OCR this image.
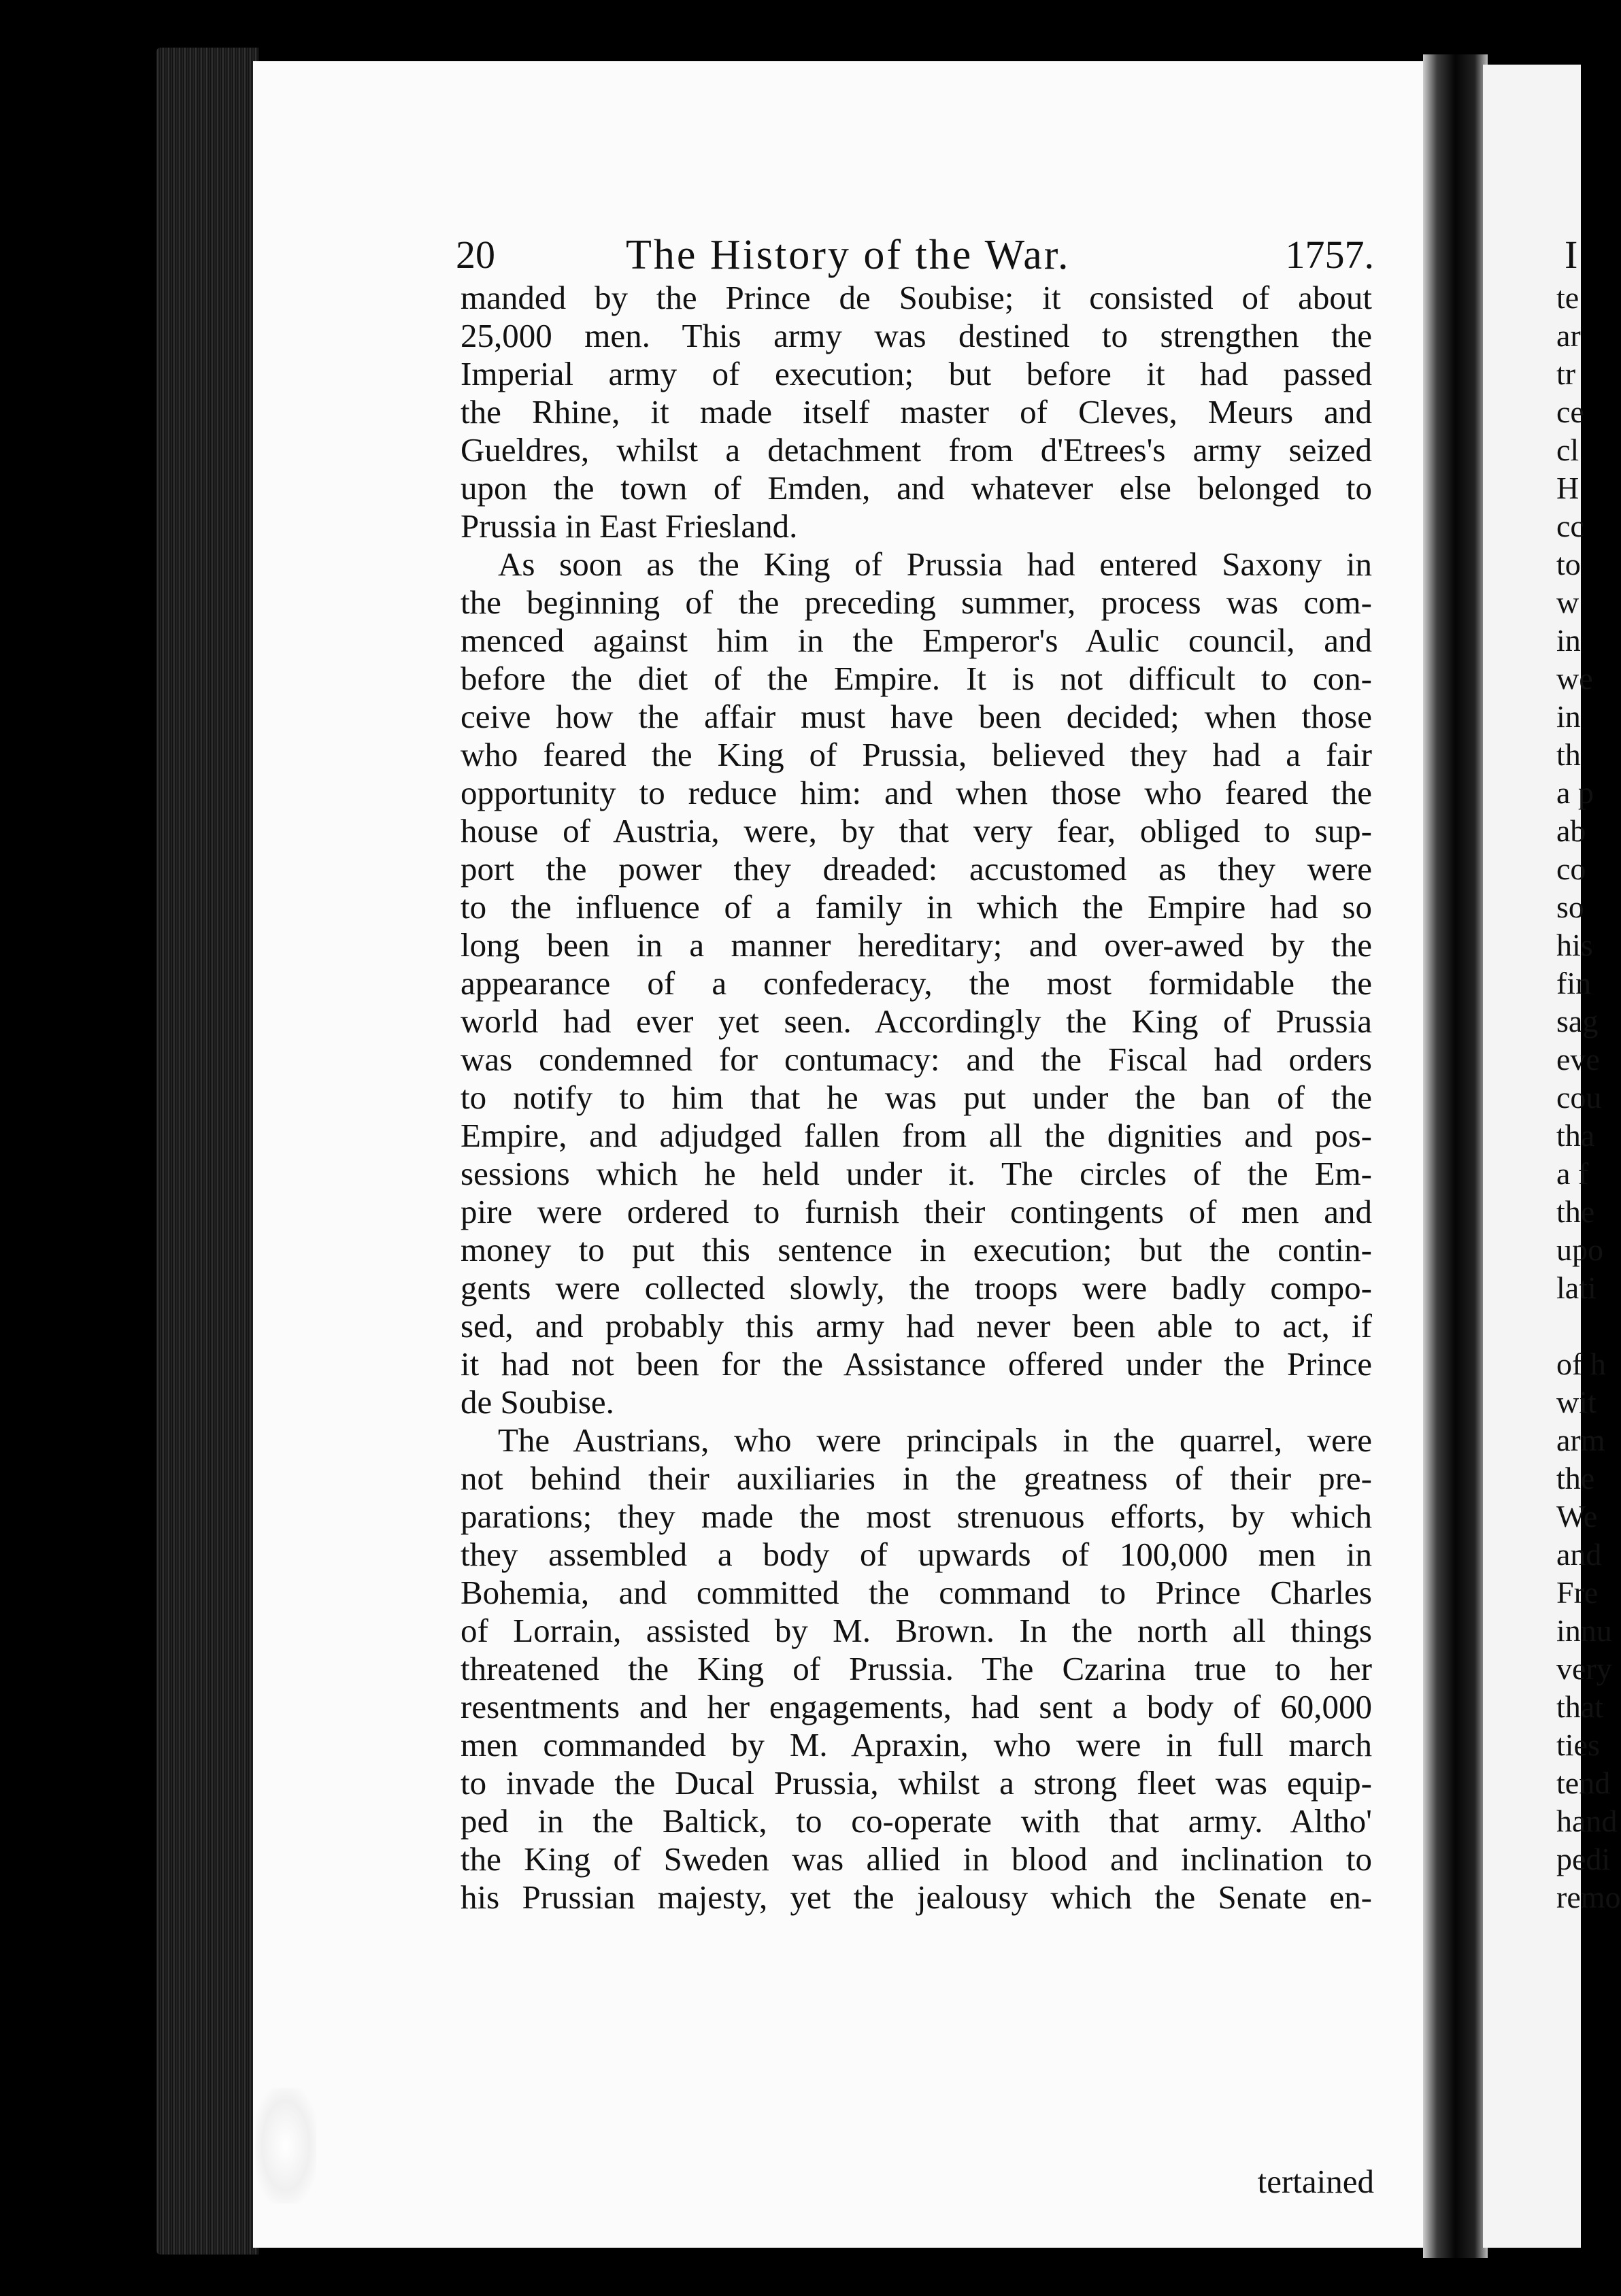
20	The History of the War.	1757.
manded by the Prince de Soubise; it consisted of about
25,000 men. This army was destined to strengthen the
Imperial army of execution; but before it had passed
the Rhine, it made itself master of Cleves, Meurs and
Gueldres, whilst a detachment from d'Etrees's army seized
upon the town of Emden, and whatever else belonged to
Prussia in East Friesland.
As soon as the King of Prussia had entered Saxony in
the beginning of the preceding summer, process was com-
menced against him in the Emperor's Aulic council, and
before the diet of the Empire. It is not difficult to con-
ceive how the affair must have been decided; when those
who feared the King of Prussia, believed they had a fair
opportunity to reduce him: and when those who feared the
house of Austria, were, by that very fear, obliged to sup-
port the power they dreaded: accustomed as they were
to the influence of a family in which the Empire had so
long been in a manner hereditary; and over-awed by the
appearance of a confederacy, the most formidable the
world had ever yet seen. Accordingly the King of Prussia
was condemned for contumacy: and the Fiscal had orders
to notify to him that he was put under the ban of the
Empire, and adjudged fallen from all the dignities and pos-
sessions which he held under it. The circles of the Em-
pire were ordered to furnish their contingents of men and
money to put this sentence in execution; but the contin-
gents were collected slowly, the troops were badly compo-
sed, and probably this army had never been able to act, if
it had not been for the Assistance offered under the Prince
de Soubise.
The Austrians, who were principals in the quarrel, were
not behind their auxiliaries in the greatness of their pre-
parations; they made the most strenuous efforts, by which
they assembled a body of upwards of 100,000 men in
Bohemia, and committed the command to Prince Charles
of Lorrain, assisted by M. Brown. In the north all things
threatened the King of Prussia. The Czarina true to her
resentments and her engagements, had sent a body of 60,000
men commanded by M. Apraxin, who were in full march
to invade the Ducal Prussia, whilst a strong fleet was equip-
ped in the Baltick, to co-operate with that army. Altho'
the King of Sweden was allied in blood and inclination to
his Prussian majesty, yet the jealousy which the Senate en-
tertained
I
te
ar
tr
ce
cl
H
cc
to
w
in
we
in
th
a p
ab
co
so
his
fin
sag
eve
cou
tha
a f
the
upo
lati
of h
wit
arm
the
We
and
Fre
innu
very
that
ties
tend
hand
pedi
remo
